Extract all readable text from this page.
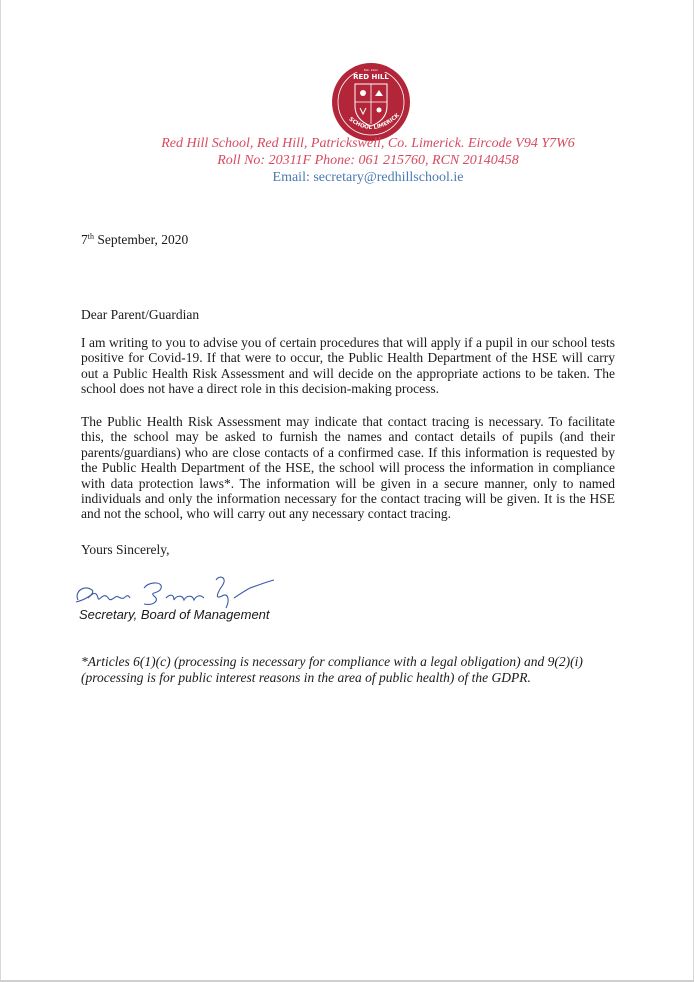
Est. 19xx
RED HILL
SCHOOL LIMERICK
Red Hill School, Red Hill, Patrickswell, Co. Limerick. Eircode V94 Y7W6
Roll No: 20311F Phone: 061 215760, RCN 20140458
Email: secretary@redhillschool.ie
7th September, 2020
Dear Parent/Guardian
I am writing to you to advise you of certain procedures that will apply if a pupil in our school tests positive for Covid-19. If that were to occur, the Public Health Department of the HSE will carry out a Public Health Risk Assessment and will decide on the appropriate actions to be taken. The school does not have a direct role in this decision-making process.
The Public Health Risk Assessment may indicate that contact tracing is necessary. To facilitate this, the school may be asked to furnish the names and contact details of pupils (and their parents/guardians) who are close contacts of a confirmed case. If this information is requested by the Public Health Department of the HSE, the school will process the information in compliance with data protection laws*. The information will be given in a secure manner, only to named individuals and only the information necessary for the contact tracing will be given. It is the HSE and not the school, who will carry out any necessary contact tracing.
Yours Sincerely,
Secretary, Board of Management
*Articles 6(1)(c) (processing is necessary for compliance with a legal obligation) and 9(2)(i) (processing is for public interest reasons in the area of public health) of the GDPR.
